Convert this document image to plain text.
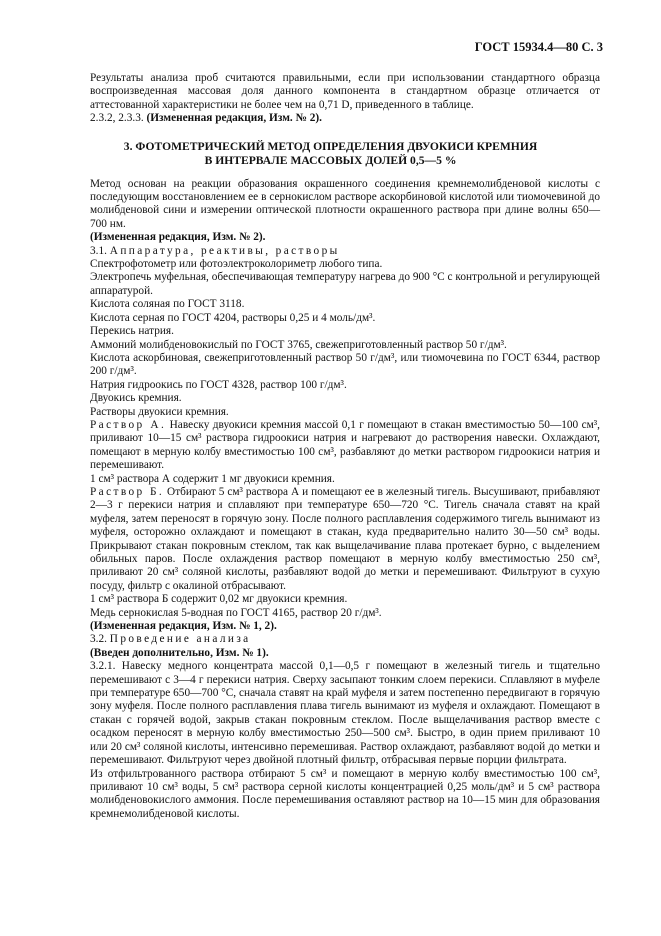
ГОСТ 15934.4—80 С. 3

Результаты анализа проб считаются правильными, если при использовании стандартного образца воспроизведенная массовая доля данного компонента в стандартном образце отличается от аттестованной характеристики не более чем на 0,71 D, приведенного в таблице.

2.3.2, 2.3.3. (Измененная редакция, Изм. № 2).

3. ФОТОМЕТРИЧЕСКИЙ МЕТОД ОПРЕДЕЛЕНИЯ ДВУОКИСИ КРЕМНИЯ

В ИНТЕРВАЛЕ МАССОВЫХ ДОЛЕЙ 0,5—5 %

Метод основан на реакции образования окрашенного соединения кремнемолибденовой кислоты с последующим восстановлением ее в сернокислом растворе аскорбиновой кислотой или тиомочевиной до молибденовой сини и измерении оптической плотности окрашенного раствора при длине волны 650—700 нм.

(Измененная редакция, Изм. № 2).

3.1. Аппаратура, реактивы, растворы

Спектрофотометр или фотоэлектроколориметр любого типа.

Электропечь муфельная, обеспечивающая температуру нагрева до 900 °С с контрольной и регулирующей аппаратурой.

Кислота соляная по ГОСТ 3118.

Кислота серная по ГОСТ 4204, растворы 0,25 и 4 моль/дм³.

Перекись натрия.

Аммоний молибденовокислый по ГОСТ 3765, свежеприготовленный раствор 50 г/дм³.

Кислота аскорбиновая, свежеприготовленный раствор 50 г/дм³, или тиомочевина по ГОСТ 6344, раствор 200 г/дм³.

Натрия гидроокись по ГОСТ 4328, раствор 100 г/дм³.

Двуокись кремния.

Растворы двуокиси кремния.

Раствор А. Навеску двуокиси кремния массой 0,1 г помещают в стакан вместимостью 50—100 см³, приливают 10—15 см³ раствора гидроокиси натрия и нагревают до растворения навески. Охлаждают, помещают в мерную колбу вместимостью 100 см³, разбавляют до метки раствором гидроокиси натрия и перемешивают.

1 см³ раствора А содержит 1 мг двуокиси кремния.

Раствор Б. Отбирают 5 см³ раствора А и помещают ее в железный тигель. Высушивают, прибавляют 2—3 г перекиси натрия и сплавляют при температуре 650—720 °С. Тигель сначала ставят на край муфеля, затем переносят в горячую зону. После полного расплавления содержимого тигель вынимают из муфеля, осторожно охлаждают и помещают в стакан, куда предварительно налито 30—50 см³ воды. Прикрывают стакан покровным стеклом, так как выщелачивание плава протекает бурно, с выделением обильных паров. После охлаждения раствор помещают в мерную колбу вместимостью 250 см³, приливают 20 см³ соляной кислоты, разбавляют водой до метки и перемешивают. Фильтруют в сухую посуду, фильтр с окалиной отбрасывают.

1 см³ раствора Б содержит 0,02 мг двуокиси кремния.

Медь сернокислая 5-водная по ГОСТ 4165, раствор 20 г/дм³.

(Измененная редакция, Изм. № 1, 2).

3.2. Проведение анализа

(Введен дополнительно, Изм. № 1).

3.2.1. Навеску медного концентрата массой 0,1—0,5 г помещают в железный тигель и тщательно перемешивают с 3—4 г перекиси натрия. Сверху засыпают тонким слоем перекиси. Сплавляют в муфеле при температуре 650—700 °С, сначала ставят на край муфеля и затем постепенно передвигают в горячую зону муфеля. После полного расплавления плава тигель вынимают из муфеля и охлаждают. Помещают в стакан с горячей водой, закрыв стакан покровным стеклом. После выщелачивания раствор вместе с осадком переносят в мерную колбу вместимостью 250—500 см³. Быстро, в один прием приливают 10 или 20 см³ соляной кислоты, интенсивно перемешивая. Раствор охлаждают, разбавляют водой до метки и перемешивают. Фильтруют через двойной плотный фильтр, отбрасывая первые порции фильтрата.

Из отфильтрованного раствора отбирают 5 см³ и помещают в мерную колбу вместимостью 100 см³, приливают 10 см³ воды, 5 см³ раствора серной кислоты концентрацией 0,25 моль/дм³ и 5 см³ раствора молибденовокислого аммония. После перемешивания оставляют раствор на 10—15 мин для образования кремнемолибденовой кислоты.
